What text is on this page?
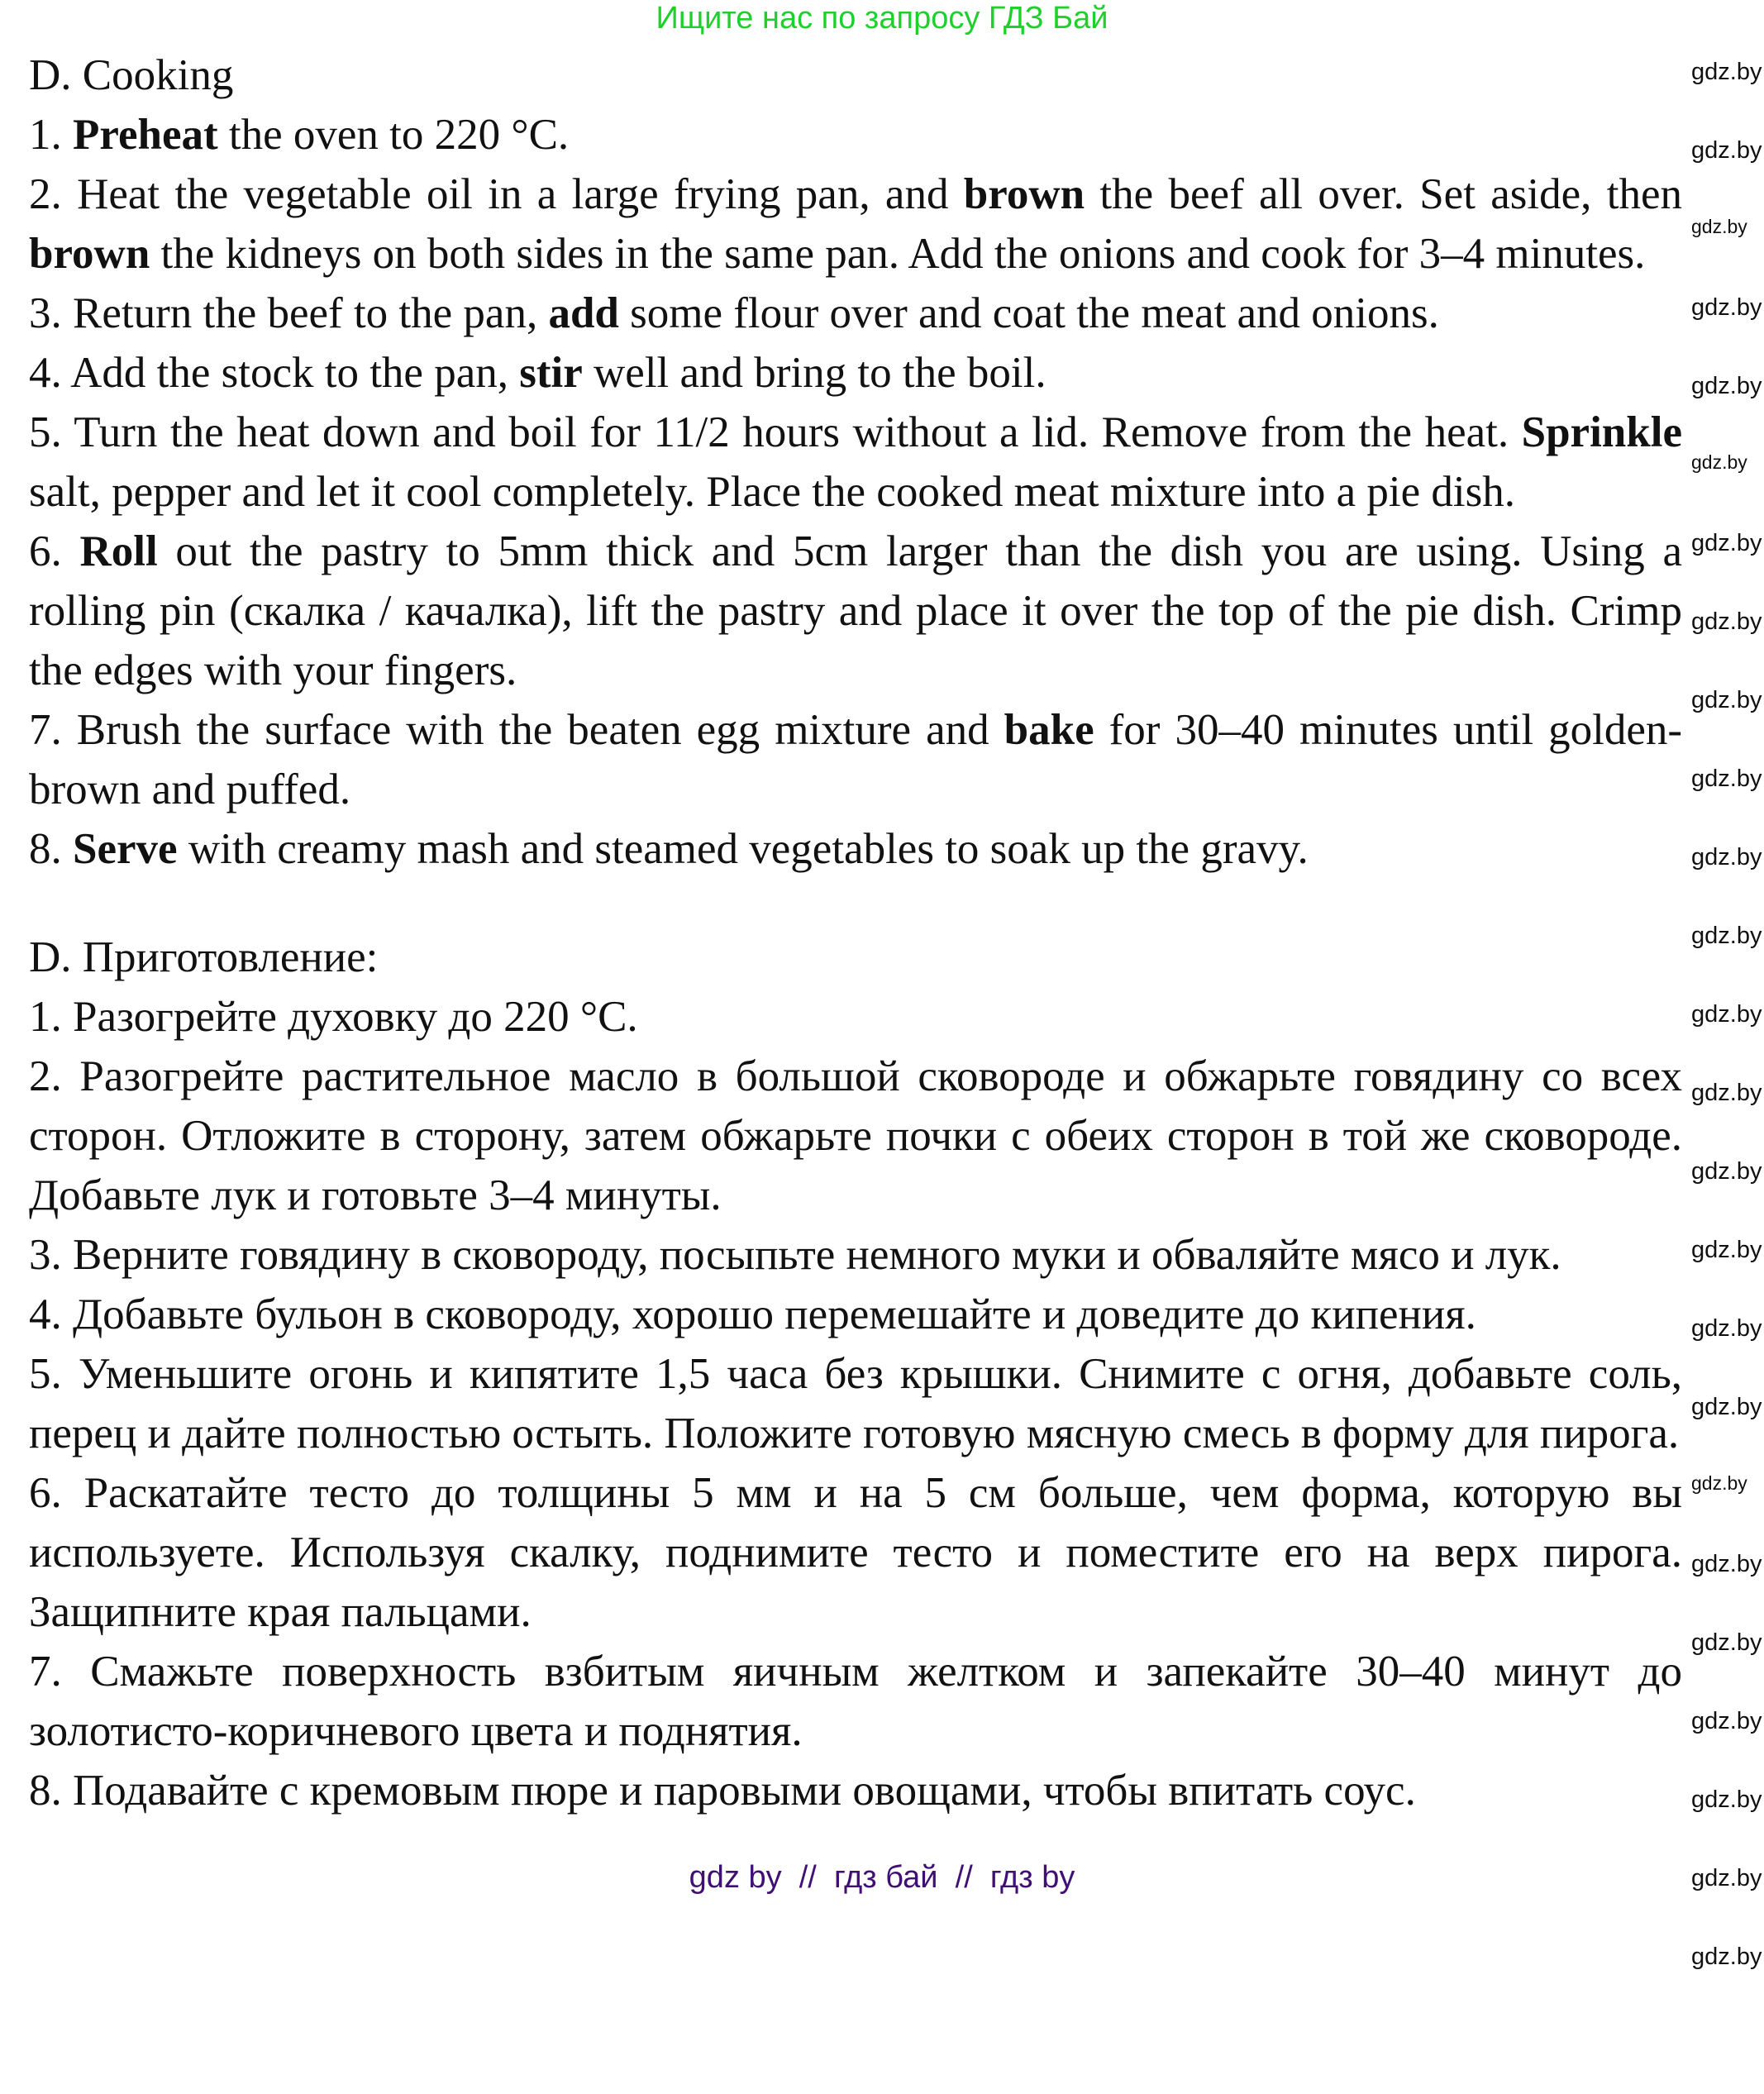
Ищите нас по запросу ГДЗ Бай
D. Cooking

1. Preheat the oven to 220 °C.

2. Heat the vegetable oil in a large frying pan, and brown the beef all over. Set aside, then brown the kidneys on both sides in the same pan. Add the onions and cook for 3–4 minutes.

3. Return the beef to the pan, add some flour over and coat the meat and onions.

4. Add the stock to the pan, stir well and bring to the boil.

5. Turn the heat down and boil for 11/2 hours without a lid. Remove from the heat. Sprinkle salt, pepper and let it cool completely. Place the cooked meat mixture into a pie dish.

6. Roll out the pastry to 5mm thick and 5cm larger than the dish you are using. Using a rolling pin (скалка / качалка), lift the pastry and place it over the top of the pie dish. Crimp the edges with your fingers.

7. Brush the surface with the beaten egg mixture and bake for 30–40 minutes until golden-brown and puffed.

8. Serve with creamy mash and steamed vegetables to soak up the gravy.

D. Приготовление:

1. Разогрейте духовку до 220 °С.

2. Разогрейте растительное масло в большой сковороде и обжарьте говядину со всех сторон. Отложите в сторону, затем обжарьте почки с обеих сторон в той же сковороде. Добавьте лук и готовьте 3–4 минуты.

3. Верните говядину в сковороду, посыпьте немного муки и обваляйте мясо и лук.

4. Добавьте бульон в сковороду, хорошо перемешайте и доведите до кипения.

5. Уменьшите огонь и кипятите 1,5 часа без крышки. Снимите с огня, добавьте соль, перец и дайте полностью остыть. Положите готовую мясную смесь в форму для пирога.

6. Раскатайте тесто до толщины 5 мм и на 5 см больше, чем форма, которую вы используете. Используя скалку, поднимите тесто и поместите его на верх пирога. Защипните края пальцами.

7. Смажьте поверхность взбитым яичным желтком и запекайте 30–40 минут до золотисто-коричневого цвета и поднятия.

8. Подавайте с кремовым пюре и паровыми овощами, чтобы впитать соус.

gdz by  //  гдз бай  //  гдз by
gdz.by
gdz.by
gdz.by
gdz.by
gdz.by
gdz.by
gdz.by
gdz.by
gdz.by
gdz.by
gdz.by
gdz.by
gdz.by
gdz.by
gdz.by
gdz.by
gdz.by
gdz.by
gdz.by
gdz.by
gdz.by
gdz.by
gdz.by
gdz.by
gdz.by
